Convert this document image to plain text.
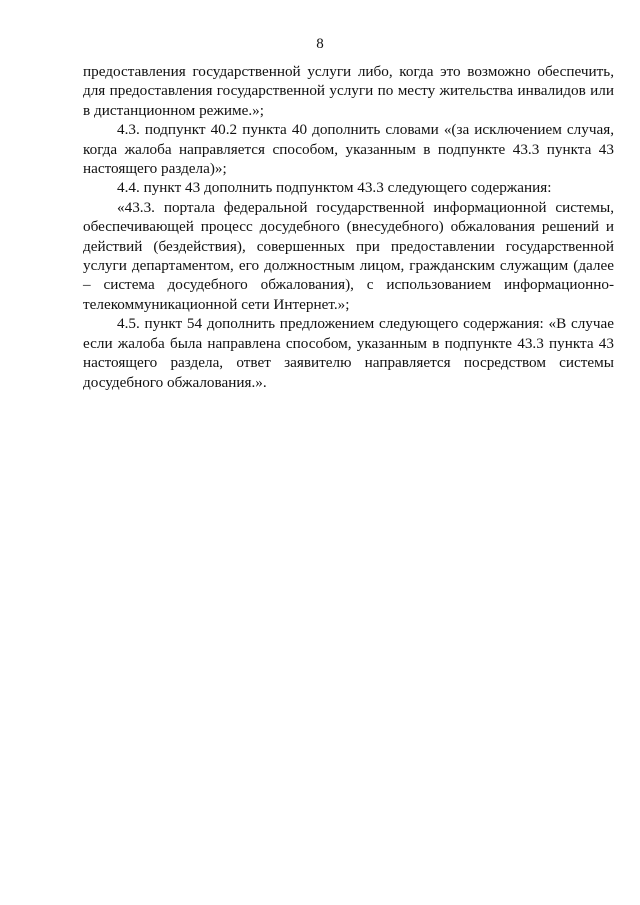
8

предоставления государственной услуги либо, когда это возможно обеспечить, для предоставления государственной услуги по месту жительства инвалидов или в дистанционном режиме.»;

4.3. подпункт 40.2 пункта 40 дополнить словами «(за исключением случая, когда жалоба направляется способом, указанным в подпункте 43.3 пункта 43 настоящего раздела)»;

4.4. пункт 43 дополнить подпунктом 43.3 следующего содержания:

«43.3. портала федеральной государственной информационной системы, обеспечивающей процесс досудебного (внесудебного) обжалования решений и действий (бездействия), совершенных при предоставлении государственной услуги департаментом, его должностным лицом, гражданским служащим (далее – система досудебного обжалования), с использованием информационно-телекоммуникационной сети Интернет.»;

4.5. пункт 54 дополнить предложением следующего содержания: «В случае если жалоба была направлена способом, указанным в подпункте 43.3 пункта 43 настоящего раздела, ответ заявителю направляется посредством системы досудебного обжалования.».
